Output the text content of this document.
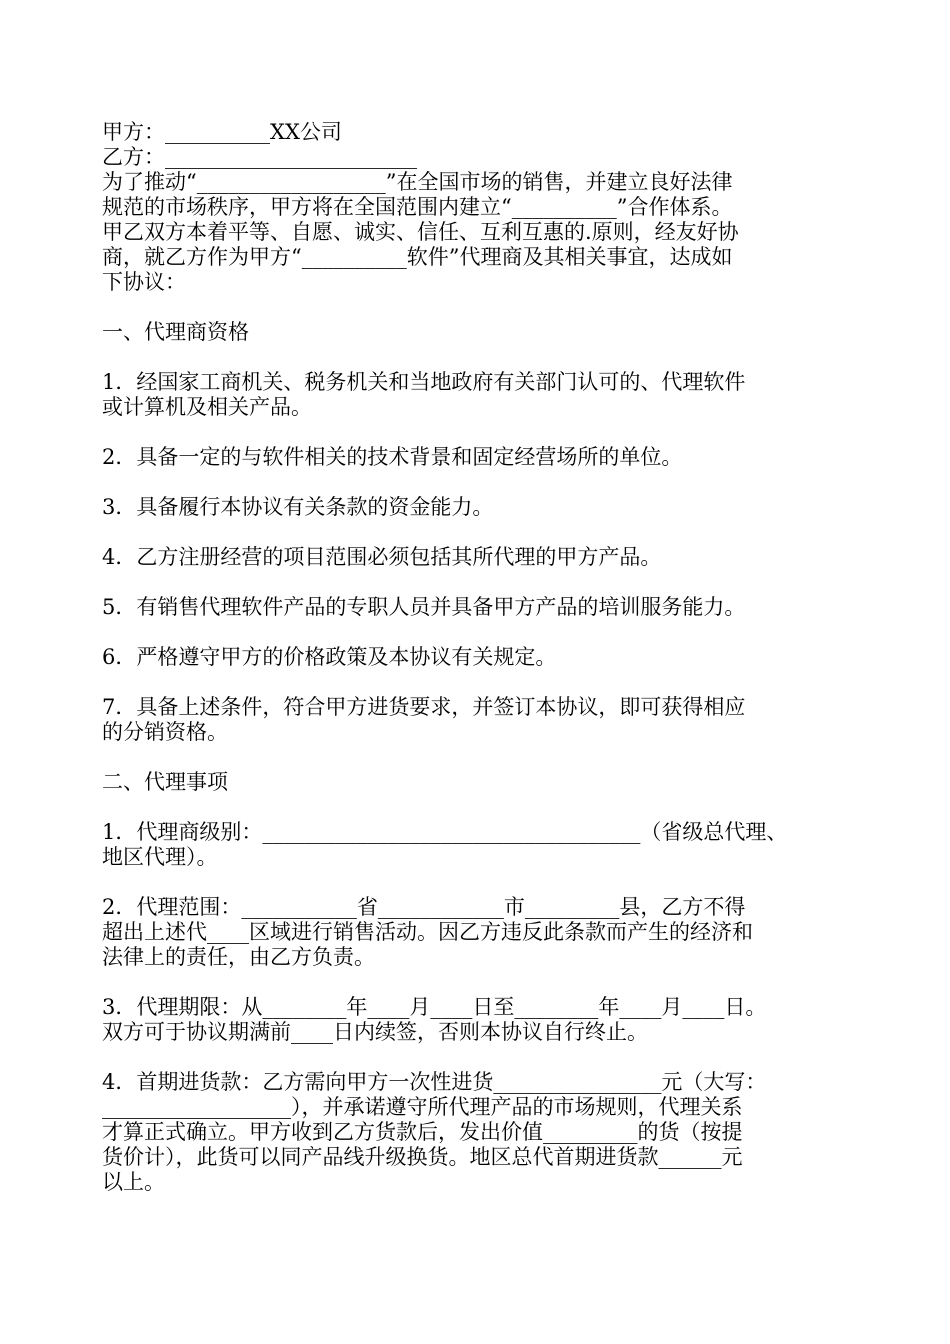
甲方：__________XX公司

乙方：________________________

为了推动“__________________”在全国市场的销售，并建立良好法律

规范的市场秩序，甲方将在全国范围内建立“__________”合作体系。

甲乙双方本着平等、自愿、诚实、信任、互利互惠的.原则，经友好协

商，就乙方作为甲方“__________软件”代理商及其相关事宜，达成如

下协议：

一、代理商资格

1．经国家工商机关、税务机关和当地政府有关部门认可的、代理软件

或计算机及相关产品。

2．具备一定的与软件相关的技术背景和固定经营场所的单位。

3．具备履行本协议有关条款的资金能力。

4．乙方注册经营的项目范围必须包括其所代理的甲方产品。

5．有销售代理软件产品的专职人员并具备甲方产品的培训服务能力。

6．严格遵守甲方的价格政策及本协议有关规定。

7．具备上述条件，符合甲方进货要求，并签订本协议，即可获得相应

的分销资格。

二、代理事项

1．代理商级别：____________________________________（省级总代理、

地区代理）。

2．代理范围：___________省____________市_________县，乙方不得

超出上述代____区域进行销售活动。因乙方违反此条款而产生的经济和

法律上的责任，由乙方负责。

3．代理期限：从________年____月____日至________年____月____日。

双方可于协议期满前____日内续签，否则本协议自行终止。

4．首期进货款：乙方需向甲方一次性进货________________元（大写：

__________________），并承诺遵守所代理产品的市场规则，代理关系

才算正式确立。甲方收到乙方货款后，发出价值_________的货（按提

货价计），此货可以同产品线升级换货。地区总代首期进货款______元

以上。
